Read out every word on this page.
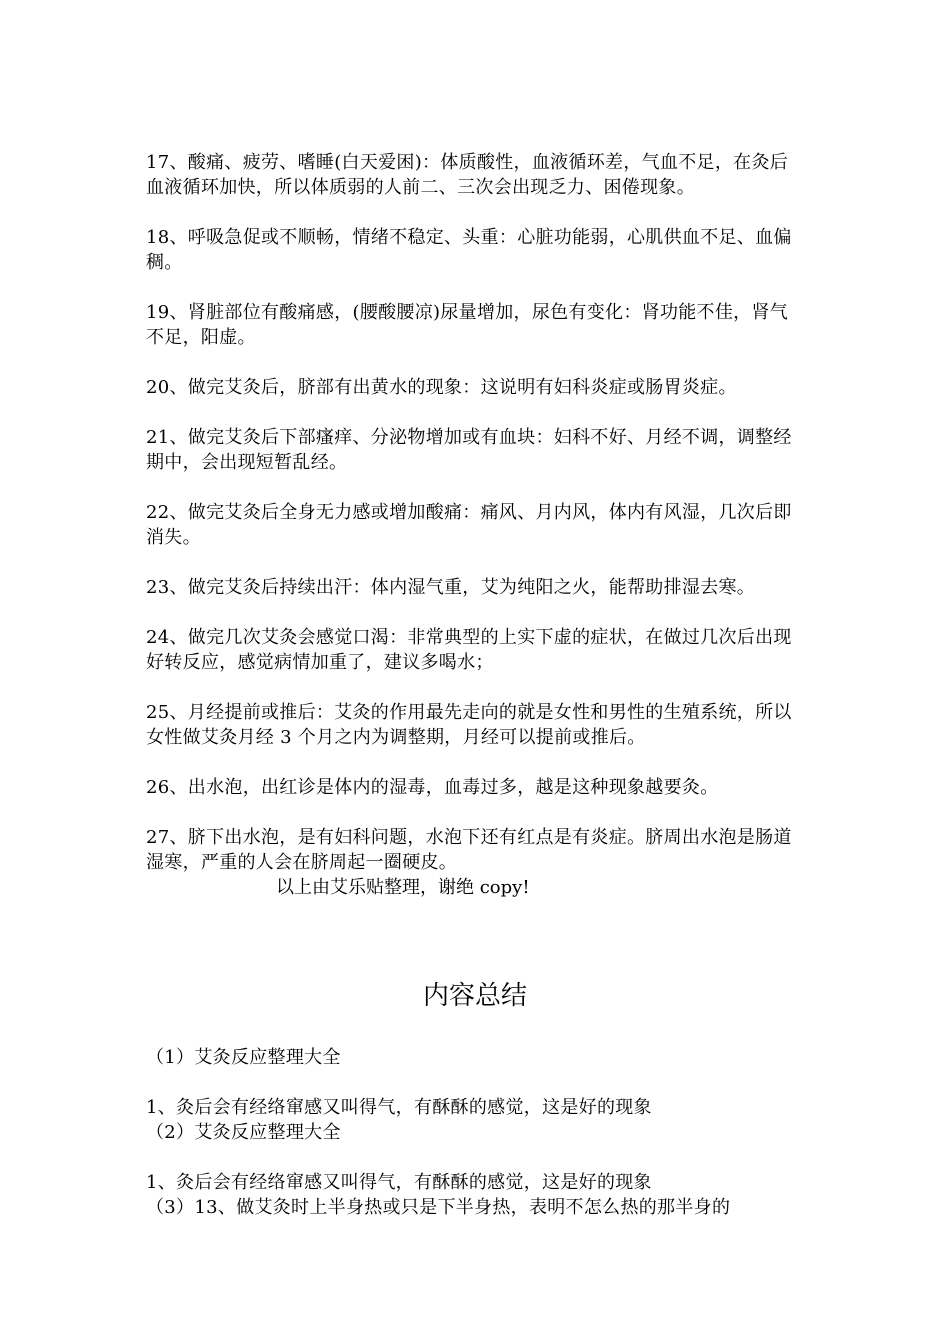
17、酸痛、疲劳、嗜睡(白天爱困)：体质酸性，血液循环差，气血不足，在灸后血液循环加快，所以体质弱的人前二、三次会出现乏力、困倦现象。

18、呼吸急促或不顺畅，情绪不稳定、头重：心脏功能弱，心肌供血不足、血偏稠。

19、肾脏部位有酸痛感，(腰酸腰凉)尿量增加，尿色有变化：肾功能不佳，肾气不足，阳虚。

20、做完艾灸后，脐部有出黄水的现象：这说明有妇科炎症或肠胃炎症。

21、做完艾灸后下部瘙痒、分泌物增加或有血块：妇科不好、月经不调，调整经期中，会出现短暂乱经。

22、做完艾灸后全身无力感或增加酸痛：痛风、月内风，体内有风湿，几次后即消失。

23、做完艾灸后持续出汗：体内湿气重，艾为纯阳之火，能帮助排湿去寒。

24、做完几次艾灸会感觉口渴：非常典型的上实下虚的症状，在做过几次后出现好转反应，感觉病情加重了，建议多喝水；

25、月经提前或推后：艾灸的作用最先走向的就是女性和男性的生殖系统，所以女性做艾灸月经 3 个月之内为调整期，月经可以提前或推后。

26、出水泡，出红诊是体内的湿毒，血毒过多，越是这种现象越要灸。

27、脐下出水泡，是有妇科问题，水泡下还有红点是有炎症。脐周出水泡是肠道湿寒，严重的人会在脐周起一圈硬皮。

以上由艾乐贴整理，谢绝 copy!

内容总结

（1）艾灸反应整理大全

1、灸后会有经络窜感又叫得气，有酥酥的感觉，这是好的现象

（2）艾灸反应整理大全

1、灸后会有经络窜感又叫得气，有酥酥的感觉，这是好的现象

（3）13、做艾灸时上半身热或只是下半身热，表明不怎么热的那半身的
